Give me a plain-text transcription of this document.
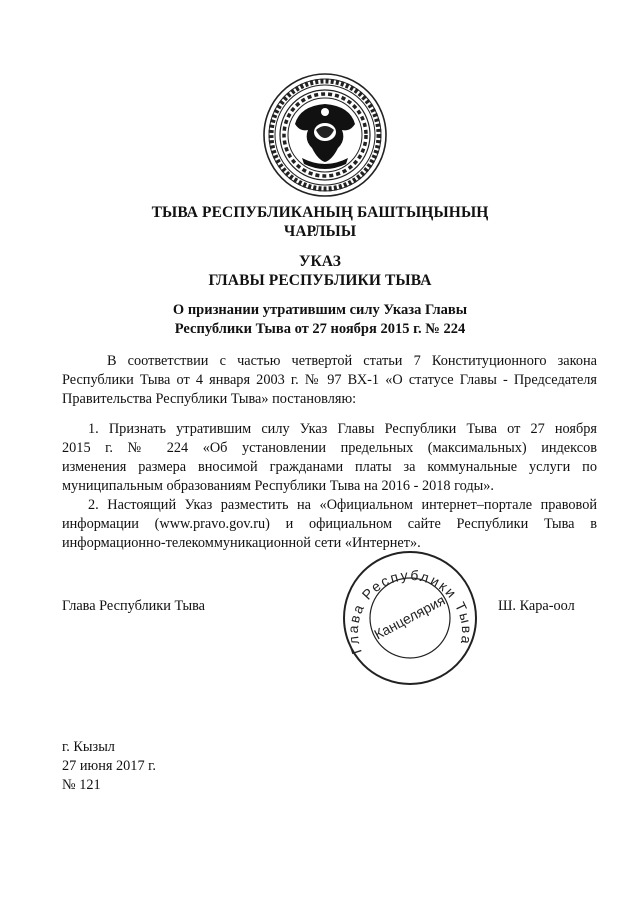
ТЫВА РЕСПУБЛИКАНЫҢ БАШТЫҢЫНЫҢ
ЧАРЛЫЫ
УКАЗ
ГЛАВЫ РЕСПУБЛИКИ ТЫВА
О признании утратившим силу Указа Главы
Республики Тыва от 27 ноября 2015 г. № 224
В соответствии с частью четвертой статьи 7 Конституционного закона
Республики Тыва от 4 января 2003 г. № 97 ВХ-1 «О статусе Главы - Председателя
Правительства Республики Тыва» постановляю:
1. Признать утратившим силу Указ Главы Республики Тыва от 27 ноября
2015 г. № 224 «Об установлении предельных (максимальных) индексов
изменения размера вносимой гражданами платы за коммунальные услуги по
муниципальным образованиям Республики Тыва на 2016 - 2018 годы».
2. Настоящий Указ разместить на «Официальном интернет–портале правовой
информации (www.pravo.gov.ru) и официальном сайте Республики Тыва в
информационно-телекоммуникационной сети «Интернет».
Глава Республики Тыва	Ш. Кара-оол
Глава Республики Тыва
Канцелярия
г. Кызыл
27 июня 2017 г.
№ 121
